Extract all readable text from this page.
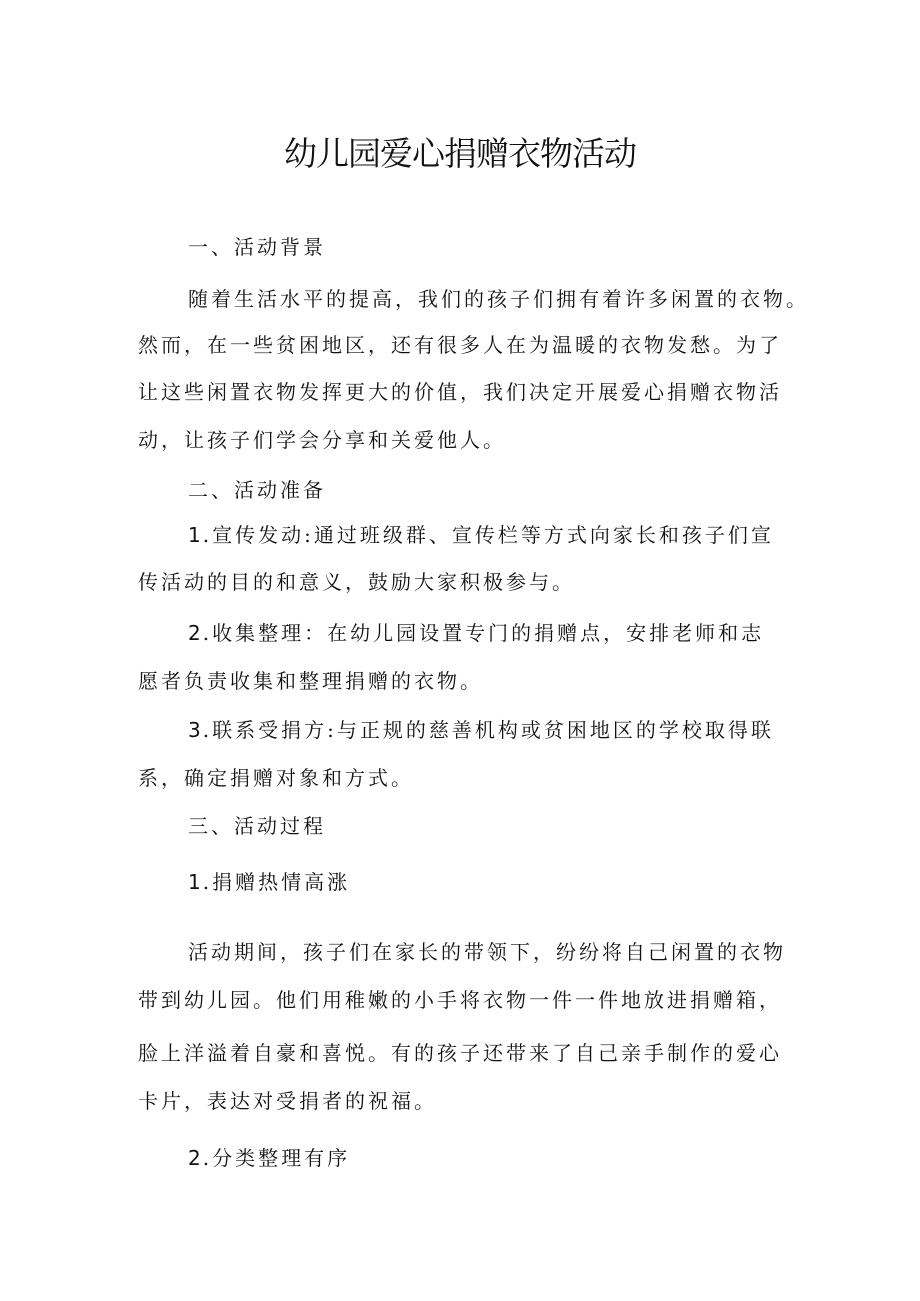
幼儿园爱心捐赠衣物活动
一、活动背景
随着生活水平的提高，我们的孩子们拥有着许多闲置的衣物。
然而，在一些贫困地区，还有很多人在为温暖的衣物发愁。为了
让这些闲置衣物发挥更大的价值，我们决定开展爱心捐赠衣物活
动，让孩子们学会分享和关爱他人。
二、活动准备
1 .宣传发动:通过班级群、宣传栏等方式向家长和孩子们宣
传活动的目的和意义，鼓励大家积极参与。
2 .收集整理：在幼儿园设置专门的捐赠点，安排老师和志
愿者负责收集和整理捐赠的衣物。
3 .联系受捐方:与正规的慈善机构或贫困地区的学校取得联
系，确定捐赠对象和方式。
三、活动过程
1 .捐赠热情高涨
活动期间，孩子们在家长的带领下，纷纷将自己闲置的衣物
带到幼儿园。他们用稚嫩的小手将衣物一件一件地放进捐赠箱，
脸上洋溢着自豪和喜悦。有的孩子还带来了自己亲手制作的爱心
卡片，表达对受捐者的祝福。
2 .分类整理有序
